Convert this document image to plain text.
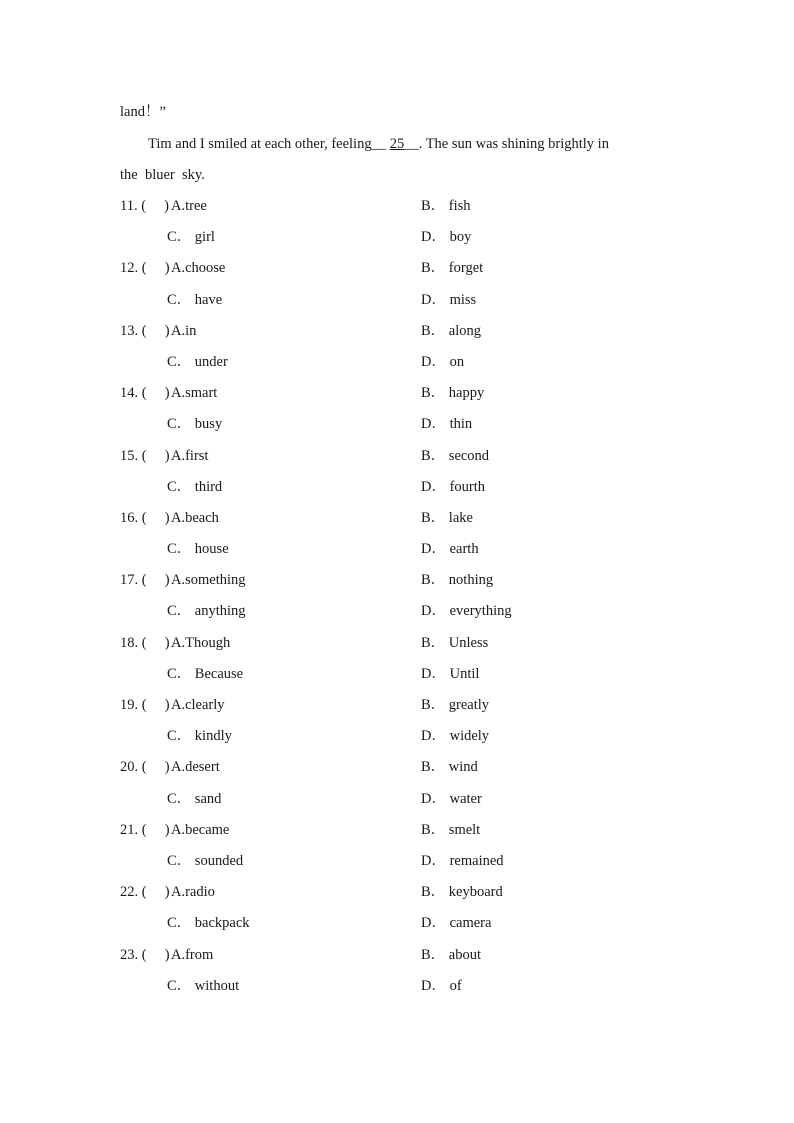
land！”
Tim and I smiled at each other, feeling__ 25__. The sun was shining brightly in
the  bluer  sky.
11. (     ) A.tree	B． fish
C． girl	D． boy
12. (     ) A.choose	B． forget
C． have	D． miss
13. (     ) A.in	B． along
C． under	D． on
14. (     ) A.smart	B． happy
C． busy	D． thin
15. (     ) A.first	B． second
C． third	D． fourth
16. (     ) A.beach	B． lake
C． house	D． earth
17. (     ) A.something	B． nothing
C． anything	D． everything
18. (     ) A.Though	B． Unless
C． Because	D． Until
19. (     ) A.clearly	B． greatly
C． kindly	D． widely
20. (     ) A.desert	B． wind
C． sand	D． water
21. (     ) A.became	B． smelt
C． sounded	D． remained
22. (     ) A.radio	B． keyboard
C． backpack	D． camera
23. (     ) A.from	B． about
C． without	D． of
